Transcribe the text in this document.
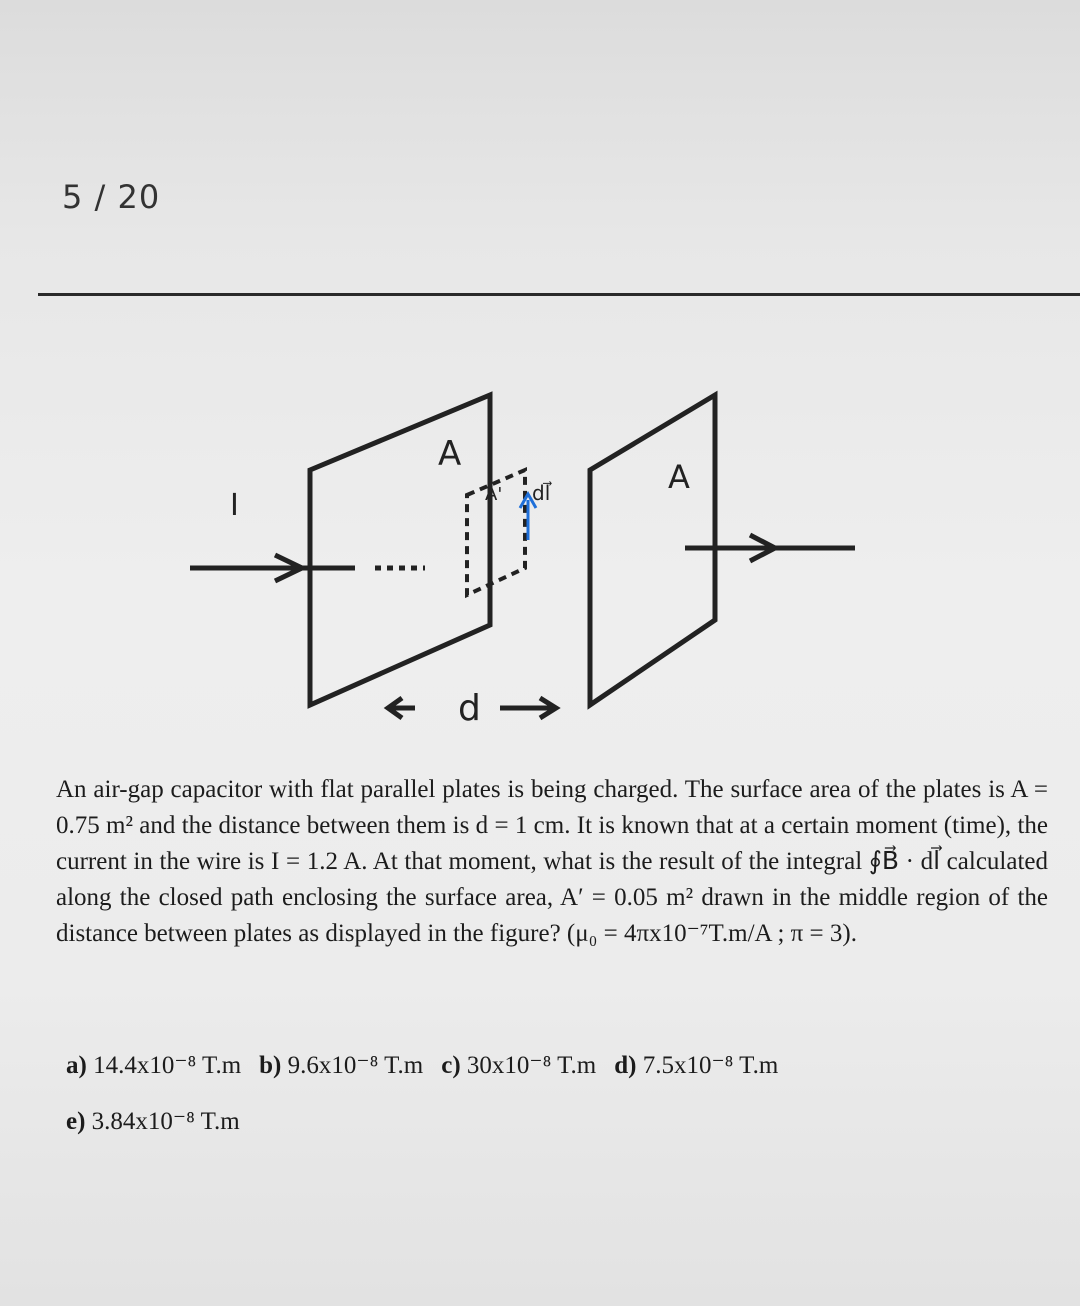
5 / 20
I
A
A
A' dl⃗
d
An air-gap capacitor with flat parallel plates is being charged. The surface area of the plates is A = 0.75 m² and the distance between them is d = 1 cm. It is known that at a certain moment (time), the current in the wire is I = 1.2 A. At that moment, what is the result of the integral ∮B⃗ · dl⃗ calculated along the closed path enclosing the surface area, A′ = 0.05 m² drawn in the middle region of the distance between plates as displayed in the figure? (μ₀ = 4πx10⁻⁷T.m/A ; π = 3).
a) 14.4x10⁻⁸ T.m b) 9.6x10⁻⁸ T.m c) 30x10⁻⁸ T.m d) 7.5x10⁻⁸ T.m
e) 3.84x10⁻⁸ T.m
